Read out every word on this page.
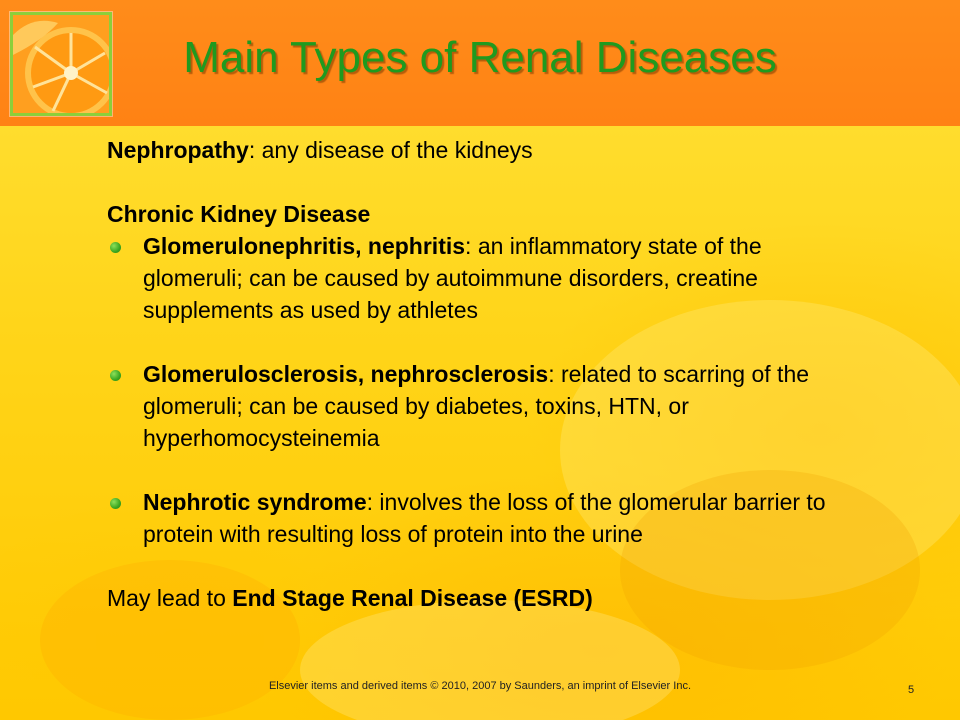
Main Types of Renal Diseases

Nephropathy: any disease of the kidneys

Chronic Kidney Disease

Glomerulonephritis, nephritis: an inflammatory state of the glomeruli; can be caused by autoimmune disorders, creatine supplements as used by athletes

Glomerulosclerosis, nephrosclerosis: related to scarring of the glomeruli; can be caused by diabetes, toxins, HTN, or hyperhomocysteinemia

Nephrotic syndrome: involves the loss of the glomerular barrier to protein with resulting loss of protein into the urine

May lead to End Stage Renal Disease (ESRD)

Elsevier items and derived items © 2010, 2007 by Saunders, an imprint of Elsevier Inc.	5
